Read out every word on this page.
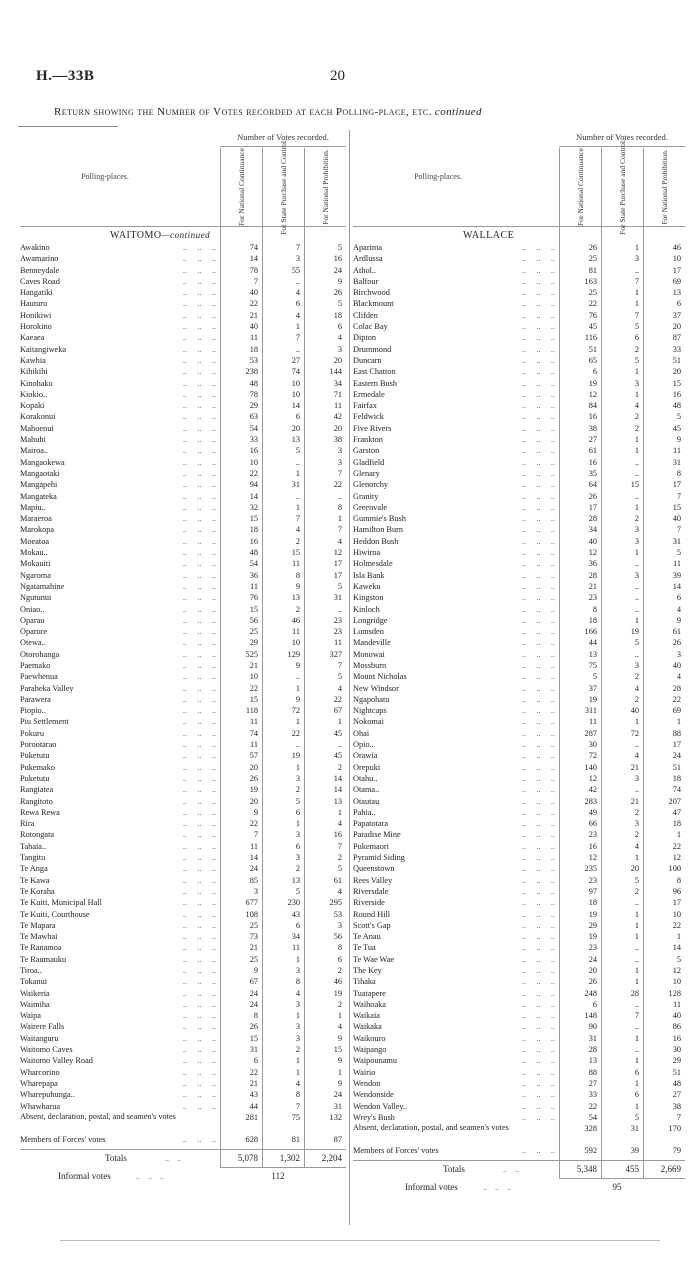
H.—33B	20
Return showing the Number of Votes recorded at each Polling-place, etc. continued
Polling-places.
Number of Votes recorded.
For National Continuance	For State Purchase and Control.	For National Prohibition.
WAITOMO—continued
Awakino	..     ..     ..	74	7	5
Awamarino	..     ..     ..	14	3	16
Benneydale	..     ..     ..	78	55	24
Caves Road	..     ..     ..	7	..	9
Hangatiki	..     ..     ..	40	4	26
Hauturu	..     ..     ..	22	6	5
Honikiwi	..     ..     ..	21	4	18
Horokino	..     ..     ..	40	1	6
Kaeaea	..     ..     ..	11	7	4
Kaitangiweka	..     ..     ..	18	..	3
Kawhia	..     ..     ..	53	27	20
Kihikihi	..     ..     ..	238	74	144
Kinohaku	..     ..     ..	48	10	34
Kiokio..	..     ..     ..	78	10	71
Kopaki	..     ..     ..	29	14	11
Korakonui	..     ..     ..	63	6	42
Mahoenui	..     ..     ..	54	20	20
Mahuhi	..     ..     ..	33	13	38
Mairoa..	..     ..     ..	16	5	3
Mangaokewa	..     ..     ..	10	..	3
Mangaotaki	..     ..     ..	22	1	7
Mangapehi	..     ..     ..	94	31	22
Mangateka	..     ..     ..	14	..	..
Mapiu..	..     ..     ..	32	1	8
Maraeroa	..     ..     ..	15	7	1
Marokopa	..     ..     ..	18	4	7
Moeatoa	..     ..     ..	16	2	4
Mokau..	..     ..     ..	48	15	12
Mokauiti	..     ..     ..	54	11	17
Ngaroma	..     ..     ..	36	8	17
Ngatamahine	..     ..     ..	11	9	5
Ngutunui	..     ..     ..	76	13	31
Oniao..	..     ..     ..	15	2	..
Oparau	..     ..     ..	56	46	23
Oparure	..     ..     ..	25	11	23
Otewa..	..     ..     ..	29	10	11
Otorohanga	..     ..     ..	525	129	327
Paemako	..     ..     ..	21	9	7
Paewhenua	..     ..     ..	10	..	5
Paraheka Valley	..     ..     ..	22	1	4
Parawera	..     ..     ..	15	9	22
Piopio..	..     ..     ..	118	72	67
Piu Settlement	..     ..     ..	11	1	1
Pokuru	..     ..     ..	74	22	45
Porootarao	..     ..     ..	11	..	..
Puketutu	..     ..     ..	57	19	45
Pukemako	..     ..     ..	20	1	2
Puketutu	..     ..     ..	26	3	14
Rangiatea	..     ..     ..	19	2	14
Rangitoto	..     ..     ..	20	5	13
Rewa Rewa	..     ..     ..	9	6	1
Rira	..     ..     ..	22	1	4
Rotongata	..     ..     ..	7	3	16
Tahaia..	..     ..     ..	11	6	7
Tangitu	..     ..     ..	14	3	2
Te Anga	..     ..     ..	24	2	5
Te Kawa	..     ..     ..	85	13	61
Te Koraha	..     ..     ..	3	5	4
Te Kuiti, Municipal Hall	..     ..     ..	677	230	295
Te Kuiti, Courthouse	..     ..     ..	108	43	53
Te Mapara	..     ..     ..	25	6	3
Te Mawhai	..     ..     ..	73	34	56
Te Ranamoa	..     ..     ..	21	11	8
Te Raumauku	..     ..     ..	25	1	6
Tiroa..	..     ..     ..	9	3	2
Tokanui	..     ..     ..	67	8	46
Waikeria	..     ..     ..	24	4	19
Waimiha	..     ..     ..	24	3	2
Waipa	..     ..     ..	8	1	1
Wairere Falls	..     ..     ..	26	3	4
Waitanguru	..     ..     ..	15	3	9
Waitomo Caves	..     ..     ..	31	2	15
Waitomo Valley Road	..     ..     ..	6	1	9
Wharcorino	..     ..     ..	22	1	1
Wharepapa	..     ..     ..	21	4	9
Wharepuhunga..	..     ..     ..	43	8	24
Whawharua	..     ..     ..	44	7	31
Absent, declaration, postal, and seamen's votes	281	75	132
Members of Forces' votes	..     ..     ..	628	81	87
Totals	..    ..	5,078	1,302	2,204
Informal votes	..    ..    ..	112
Polling-places.
Number of Votes recorded.
For National Continuance	For State Purchase and Control.	For National Prohibition.
WALLACE
Aparima	..     ..     ..	26	1	46
Ardlussa	..     ..     ..	25	3	10
Athol..	..     ..     ..	81	..	17
Balfour	..     ..     ..	163	7	69
Birchwood	..     ..     ..	25	1	13
Blackmount	..     ..     ..	22	1	6
Clifden	..     ..     ..	76	7	37
Colac Bay	..     ..     ..	45	5	20
Dipton	..     ..     ..	116	6	87
Drummond	..     ..     ..	51	2	33
Duncarn	..     ..     ..	65	5	51
East Chatton	..     ..     ..	6	1	20
Eastern Bush	..     ..     ..	19	3	15
Ermedale	..     ..     ..	12	1	16
Fairfax	..     ..     ..	84	4	48
Feldwick	..     ..     ..	16	2	5
Five Rivers	..     ..     ..	38	2	45
Frankton	..     ..     ..	27	1	9
Garston	..     ..     ..	61	1	11
Gladfield	..     ..     ..	16	..	31
Glenary	..     ..     ..	35	..	8
Glenorchy	..     ..     ..	64	15	17
Granity	..     ..     ..	26	..	7
Greenvale	..     ..     ..	17	1	15
Gummie's Bush	..     ..     ..	28	2	40
Hamilton Burn	..     ..     ..	34	3	7
Heddon Bush	..     ..     ..	40	3	31
Hiwiroa	..     ..     ..	12	1	5
Holmesdale	..     ..     ..	36	..	11
Isla Bank	..     ..     ..	28	3	39
Kaweku	..     ..     ..	21	..	14
Kingston	..     ..     ..	23	..	6
Kinloch	..     ..     ..	8	..	4
Longridge	..     ..     ..	18	1	9
Lumsden	..     ..     ..	166	19	61
Mandeville	..     ..     ..	44	5	26
Monowai	..     ..     ..	13	..	3
Mossburn	..     ..     ..	75	3	40
Mount Nicholas	..     ..     ..	5	2	4
New Windsor	..     ..     ..	37	4	28
Ngapohatu	..     ..     ..	19	2	22
Nightcaps	..     ..     ..	311	40	69
Nokomai	..     ..     ..	11	1	1
Ohai	..     ..     ..	287	72	88
Opio..	..     ..     ..	30	..	17
Orawia	..     ..     ..	72	4	24
Orepuki	..     ..     ..	140	21	51
Otahu..	..     ..     ..	12	3	18
Otama..	..     ..     ..	42	..	74
Otautau	..     ..     ..	283	21	207
Pahia..	..     ..     ..	49	2	47
Papatotara	..     ..     ..	66	3	18
Paradise Mine	..     ..     ..	23	2	1
Pukemaori	..     ..     ..	16	4	22
Pyramid Siding	..     ..     ..	12	1	12
Queenstown	..     ..     ..	235	20	100
Rees Valley	..     ..     ..	23	5	8
Riversdale	..     ..     ..	97	2	96
Riverside	..     ..     ..	18	..	17
Round Hill	..     ..     ..	19	1	10
Scott's Gap	..     ..     ..	29	1	22
Te Anau	..     ..     ..	19	1	1
Te Tua	..     ..     ..	23	..	14
Te Wae Wae	..     ..     ..	24	..	5
The Key	..     ..     ..	20	1	12
Tihaka	..     ..     ..	26	1	10
Tuatapere	..     ..     ..	248	28	128
Waihoaka	..     ..     ..	6	..	11
Waikaia	..     ..     ..	148	7	40
Waikaka	..     ..     ..	90	..	86
Waikouro	..     ..     ..	31	1	16
Waipango	..     ..     ..	28	..	30
Waipounamu	..     ..     ..	13	1	29
Wairio	..     ..     ..	88	6	51
Wendon	..     ..     ..	27	1	48
Wendonside	..     ..     ..	33	6	27
Wendon Valley..	..     ..     ..	22	1	38
Wrey's Bush	..     ..     ..	54	5	7
Absent, declaration, postal, and seamen's votes	328	31	170
Members of Forces' votes	..     ..     ..	592	39	79
Totals	..    ..	5,348	455	2,669
Informal votes	..    ..    ..	95
